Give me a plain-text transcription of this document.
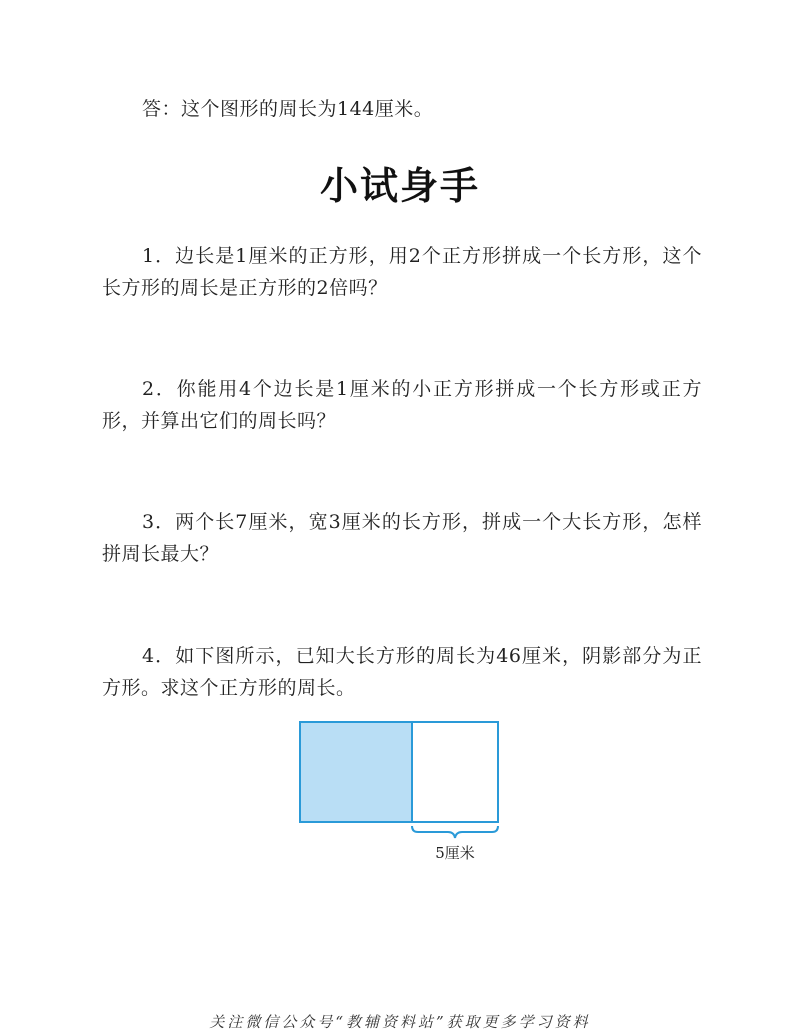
答：这个图形的周长为144厘米。
小试身手
1．边长是1厘米的正方形，用2个正方形拼成一个长方形，这个长方形的周长是正方形的2倍吗？
2．你能用4个边长是1厘米的小正方形拼成一个长方形或正方形，并算出它们的周长吗？
3．两个长7厘米，宽3厘米的长方形，拼成一个大长方形，怎样拼周长最大？
4．如下图所示，已知大长方形的周长为46厘米，阴影部分为正方形。求这个正方形的周长。
5厘米
关注微信公众号“教辅资料站”获取更多学习资料
